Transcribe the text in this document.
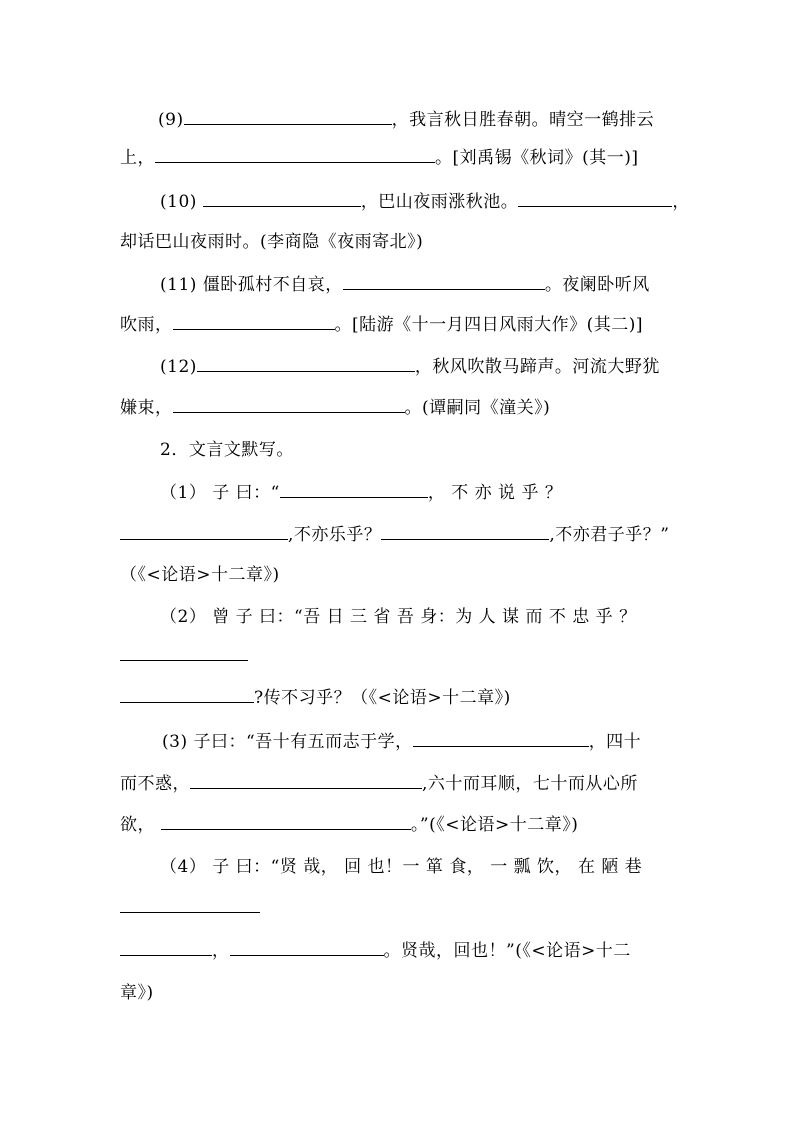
(9)	，我言秋日胜春朝。晴空一鹤排云
上，	。[刘禹锡《秋词》(其一)]
(10)	，巴山夜雨涨秋池。	，
却话巴山夜雨时。(李商隐《夜雨寄北》)
(11) 僵卧孤村不自哀，	。夜阑卧听风
吹雨，	。[陆游《十一月四日风雨大作》(其二)]
(12)	，秋风吹散马蹄声。河流大野犹
嫌束，	。(谭嗣同《潼关》)
2．文言文默写。
（1） 子 曰：“	， 不 亦 说 乎 ？
,不亦乐乎？	,不亦君子乎？”
（《<论语>十二章》)
（2） 曾 子 曰：“吾 日 三 省 吾 身：为 人 谋 而 不 忠 乎 ？
?传不习乎？（《<论语>十二章》)
(3) 子曰：“吾十有五而志于学，	，四十
而不惑，	,六十而耳顺，七十而从心所
欲，	。”(《<论语>十二章》)
（4） 子 曰：“贤 哉， 回 也！一 箪 食， 一 瓢 饮， 在 陋 巷
，	。贤哉，回也！”(《<论语>十二
章》)
